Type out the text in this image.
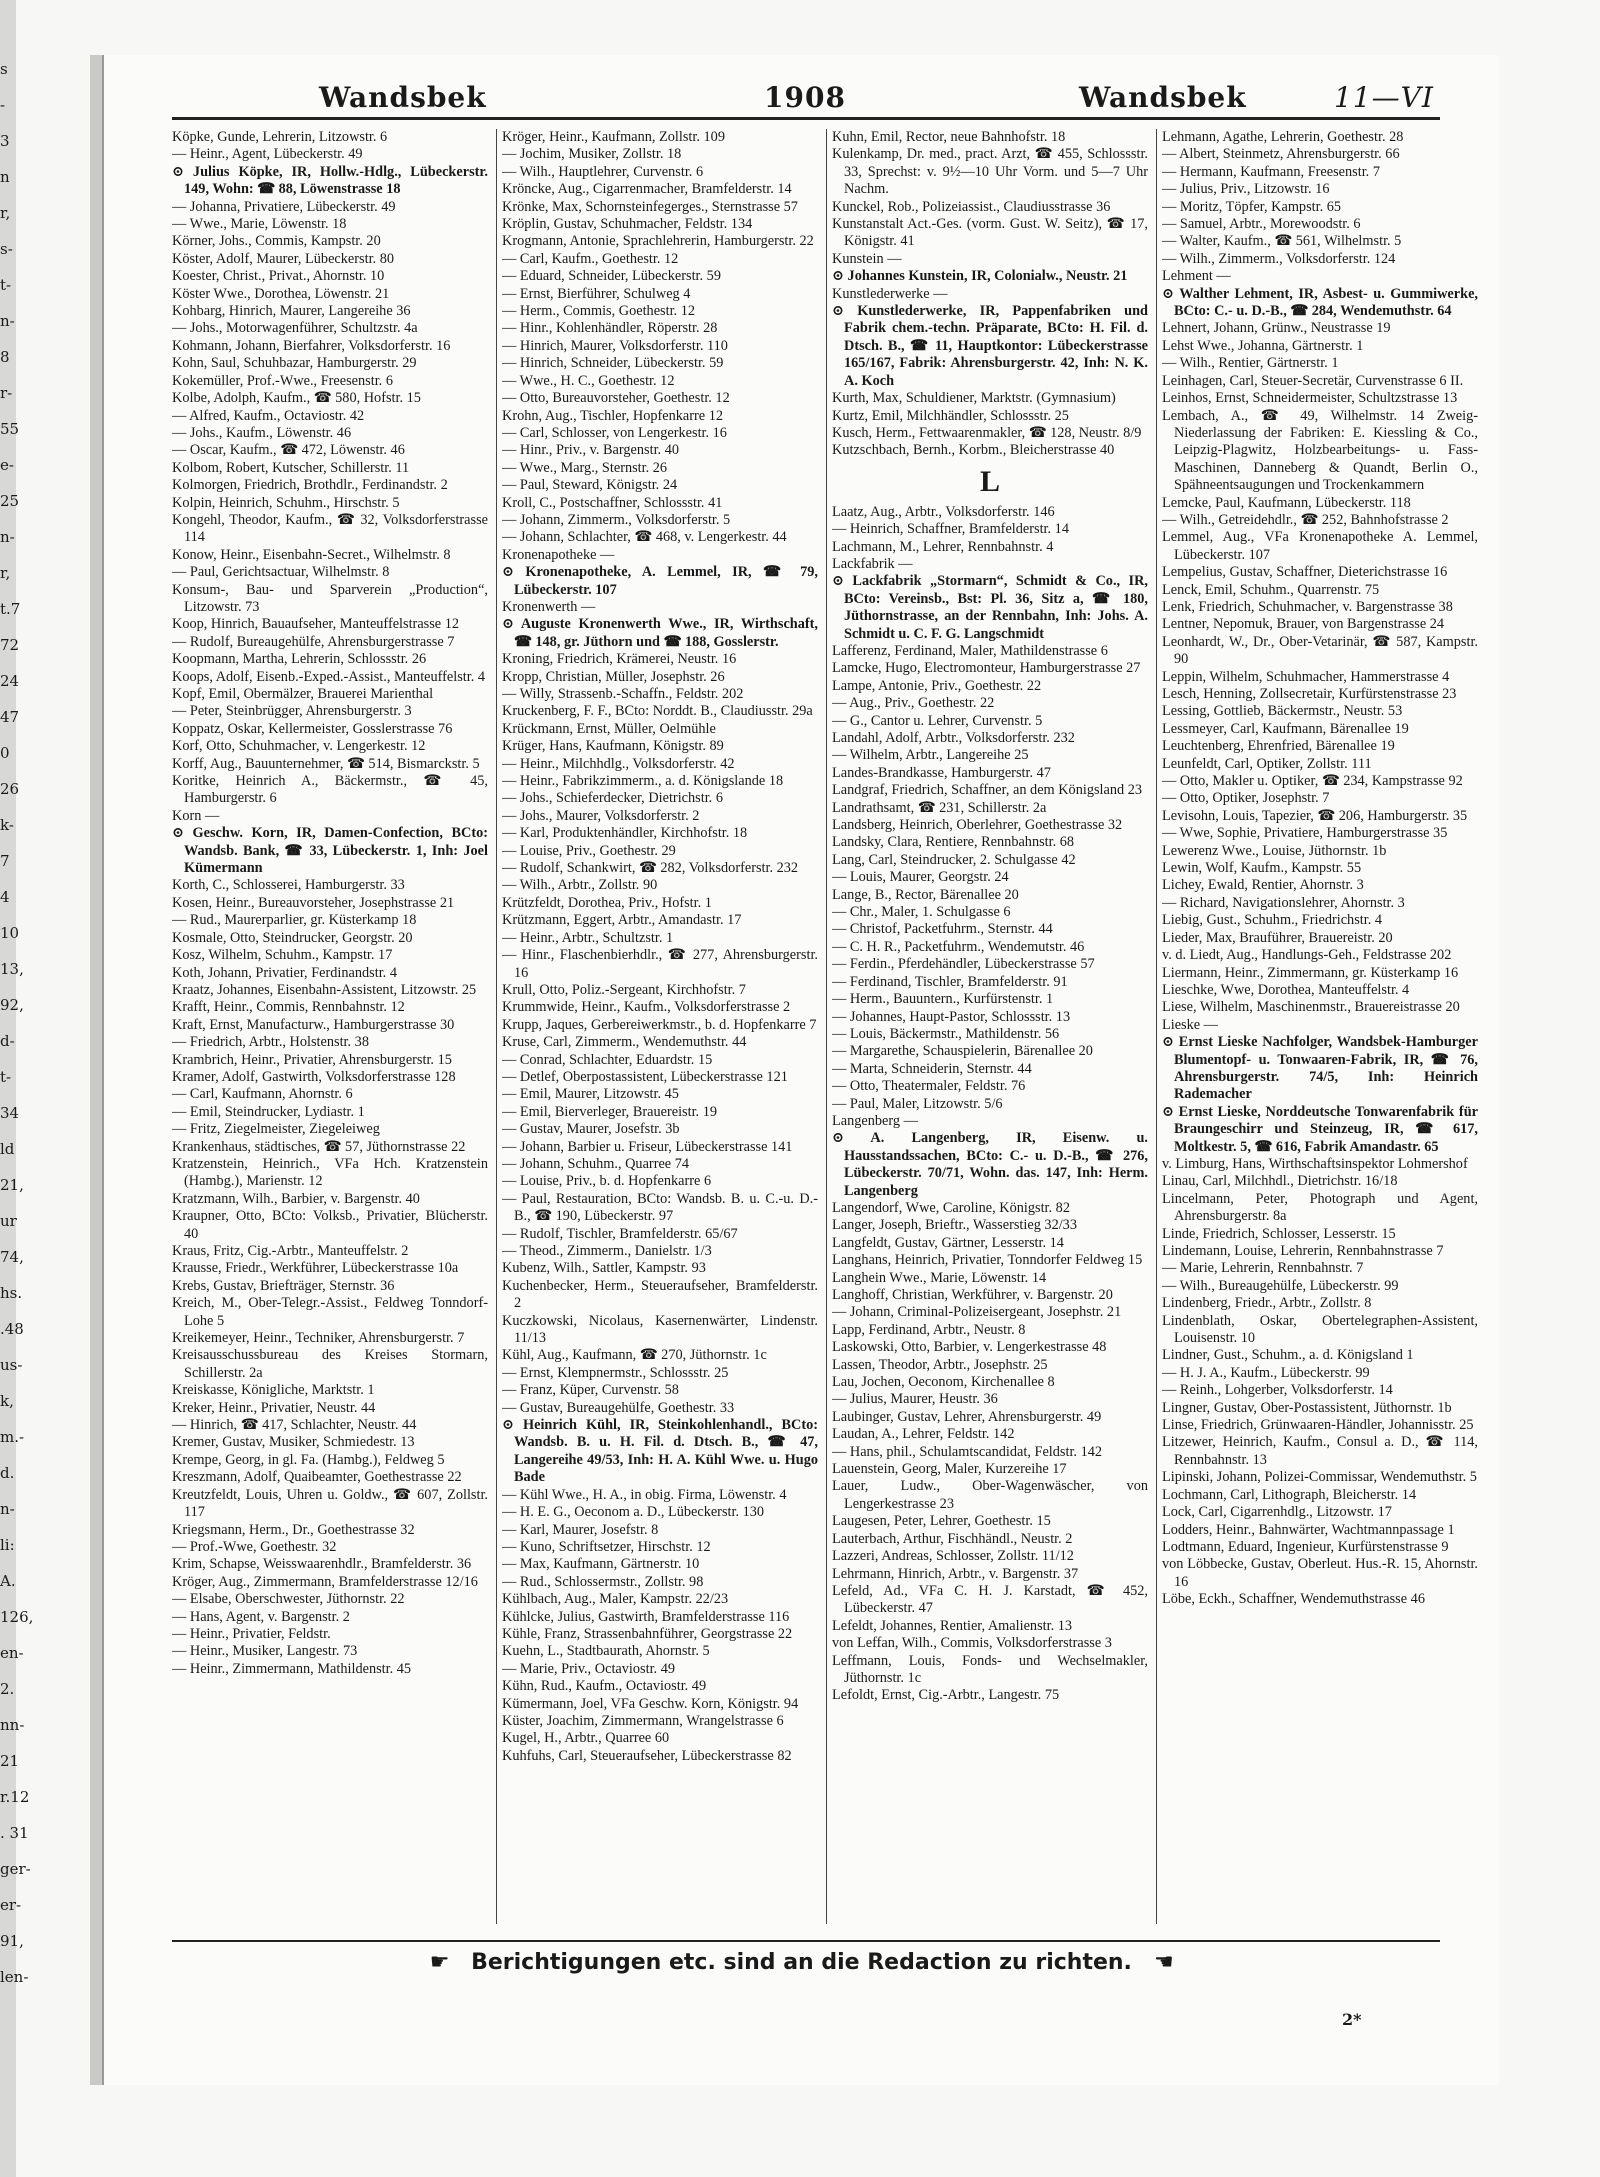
s
-
3
n
r,
s-
t-
n-
8
r-
55
e-
25
n-
r,
t.7
72
24
47
0
26
k-
7
4
10
13,
92,
d-
t-
34
ld
21,
ur
74,
hs.
.48
us-
k,
m.-
d.
n-
li:
A.
126,
en-
2.
nn-
21
r.12
. 31
ger-
er-
91,
len-
Wandsbek	1908	Wandsbek	11—VI

Köpke, Gunde, Lehrerin, Litzowstr. 6

— Heinr., Agent, Lübeckerstr. 49

⊙ Julius Köpke, IR, Hollw.-Hdlg., Lübeckerstr. 149, Wohn: ☎ 88, Löwenstrasse 18

— Johanna, Privatiere, Lübeckerstr. 49

— Wwe., Marie, Löwenstr. 18

Körner, Johs., Commis, Kampstr. 20

Köster, Adolf, Maurer, Lübeckerstr. 80

Koester, Christ., Privat., Ahornstr. 10

Köster Wwe., Dorothea, Löwenstr. 21

Kohbarg, Hinrich, Maurer, Langereihe 36

— Johs., Motorwagenführer, Schultzstr. 4a

Kohmann, Johann, Bierfahrer, Volksdorferstr. 16

Kohn, Saul, Schuhbazar, Hamburgerstr. 29

Kokemüller, Prof.-Wwe., Freesenstr. 6

Kolbe, Adolph, Kaufm., ☎ 580, Hofstr. 15

— Alfred, Kaufm., Octaviostr. 42

— Johs., Kaufm., Löwenstr. 46

— Oscar, Kaufm., ☎ 472, Löwenstr. 46

Kolbom, Robert, Kutscher, Schillerstr. 11

Kolmorgen, Friedrich, Brothdlr., Ferdinandstr. 2

Kolpin, Heinrich, Schuhm., Hirschstr. 5

Kongehl, Theodor, Kaufm., ☎ 32, Volksdorferstrasse 114

Konow, Heinr., Eisenbahn-Secret., Wilhelmstr. 8

— Paul, Gerichtsactuar, Wilhelmstr. 8

Konsum-, Bau- und Sparverein „Production“, Litzowstr. 73

Koop, Hinrich, Bauaufseher, Manteuffelstrasse 12

— Rudolf, Bureaugehülfe, Ahrensburgerstrasse 7

Koopmann, Martha, Lehrerin, Schlossstr. 26

Koops, Adolf, Eisenb.-Exped.-Assist., Manteuffelstr. 4

Kopf, Emil, Obermälzer, Brauerei Marienthal

— Peter, Steinbrügger, Ahrensburgerstr. 3

Koppatz, Oskar, Kellermeister, Gosslerstrasse 76

Korf, Otto, Schuhmacher, v. Lengerkestr. 12

Korff, Aug., Bauunternehmer, ☎ 514, Bismarckstr. 5

Koritke, Heinrich A., Bäckermstr., ☎ 45, Hamburgerstr. 6

Korn —

⊙ Geschw. Korn, IR, Damen-Confection, BCto: Wandsb. Bank, ☎ 33, Lübeckerstr. 1, Inh: Joel Kümermann

Korth, C., Schlosserei, Hamburgerstr. 33

Kosen, Heinr., Bureauvorsteher, Josephstrasse 21

— Rud., Maurerparlier, gr. Küsterkamp 18

Kosmale, Otto, Steindrucker, Georgstr. 20

Kosz, Wilhelm, Schuhm., Kampstr. 17

Koth, Johann, Privatier, Ferdinandstr. 4

Kraatz, Johannes, Eisenbahn-Assistent, Litzowstr. 25

Krafft, Heinr., Commis, Rennbahnstr. 12

Kraft, Ernst, Manufacturw., Hamburgerstrasse 30

— Friedrich, Arbtr., Holstenstr. 38

Krambrich, Heinr., Privatier, Ahrensburgerstr. 15

Kramer, Adolf, Gastwirth, Volksdorferstrasse 128

— Carl, Kaufmann, Ahornstr. 6

— Emil, Steindrucker, Lydiastr. 1

— Fritz, Ziegelmeister, Ziegeleiweg

Krankenhaus, städtisches, ☎ 57, Jüthornstrasse 22

Kratzenstein, Heinrich., VFa Hch. Kratzenstein (Hambg.), Marienstr. 12

Kratzmann, Wilh., Barbier, v. Bargenstr. 40

Kraupner, Otto, BCto: Volksb., Privatier, Blücherstr. 40

Kraus, Fritz, Cig.-Arbtr., Manteuffelstr. 2

Krausse, Friedr., Werkführer, Lübeckerstrasse 10a

Krebs, Gustav, Briefträger, Sternstr. 36

Kreich, M., Ober-Telegr.-Assist., Feldweg Tonndorf-Lohe 5

Kreikemeyer, Heinr., Techniker, Ahrensburgerstr. 7

Kreisausschussbureau des Kreises Stormarn, Schillerstr. 2a

Kreiskasse, Königliche, Marktstr. 1

Kreker, Heinr., Privatier, Neustr. 44

— Hinrich, ☎ 417, Schlachter, Neustr. 44

Kremer, Gustav, Musiker, Schmiedestr. 13

Krempe, Georg, in gl. Fa. (Hambg.), Feldweg 5

Kreszmann, Adolf, Quaibeamter, Goethestrasse 22

Kreutzfeldt, Louis, Uhren u. Goldw., ☎ 607, Zollstr. 117

Kriegsmann, Herm., Dr., Goethestrasse 32

— Prof.-Wwe, Goethestr. 32

Krim, Schapse, Weisswaarenhdlr., Bramfelderstr. 36

Kröger, Aug., Zimmermann, Bramfelderstrasse 12/16

— Elsabe, Oberschwester, Jüthornstr. 22

— Hans, Agent, v. Bargenstr. 2

— Heinr., Privatier, Feldstr.

— Heinr., Musiker, Langestr. 73

— Heinr., Zimmermann, Mathildenstr. 45

Kröger, Heinr., Kaufmann, Zollstr. 109

— Jochim, Musiker, Zollstr. 18

— Wilh., Hauptlehrer, Curvenstr. 6

Kröncke, Aug., Cigarrenmacher, Bramfelderstr. 14

Krönke, Max, Schornsteinfegerges., Sternstrasse 57

Kröplin, Gustav, Schuhmacher, Feldstr. 134

Krogmann, Antonie, Sprachlehrerin, Hamburgerstr. 22

— Carl, Kaufm., Goethestr. 12

— Eduard, Schneider, Lübeckerstr. 59

— Ernst, Bierführer, Schulweg 4

— Herm., Commis, Goethestr. 12

— Hinr., Kohlenhändler, Röperstr. 28

— Hinrich, Maurer, Volksdorferstr. 110

— Hinrich, Schneider, Lübeckerstr. 59

— Wwe., H. C., Goethestr. 12

— Otto, Bureauvorsteher, Goethestr. 12

Krohn, Aug., Tischler, Hopfenkarre 12

— Carl, Schlosser, von Lengerkestr. 16

— Hinr., Priv., v. Bargenstr. 40

— Wwe., Marg., Sternstr. 26

— Paul, Steward, Königstr. 24

Kroll, C., Postschaffner, Schlossstr. 41

— Johann, Zimmerm., Volksdorferstr. 5

— Johann, Schlachter, ☎ 468, v. Lengerkestr. 44

Kronenapotheke —

⊙ Kronenapotheke, A. Lemmel, IR, ☎ 79, Lübeckerstr. 107

Kronenwerth —

⊙ Auguste Kronenwerth Wwe., IR, Wirthschaft, ☎ 148, gr. Jüthorn und ☎ 188, Gosslerstr.

Kroning, Friedrich, Krämerei, Neustr. 16

Kropp, Christian, Müller, Josephstr. 26

— Willy, Strassenb.-Schaffn., Feldstr. 202

Kruckenberg, F. F., BCto: Norddt. B., Claudiusstr. 29a

Krückmann, Ernst, Müller, Oelmühle

Krüger, Hans, Kaufmann, Königstr. 89

— Heinr., Milchhdlg., Volksdorferstr. 42

— Heinr., Fabrikzimmerm., a. d. Königslande 18

— Johs., Schieferdecker, Dietrichstr. 6

— Johs., Maurer, Volksdorferstr. 2

— Karl, Produktenhändler, Kirchhofstr. 18

— Louise, Priv., Goethestr. 29

— Rudolf, Schankwirt, ☎ 282, Volksdorferstr. 232

— Wilh., Arbtr., Zollstr. 90

Krützfeldt, Dorothea, Priv., Hofstr. 1

Krützmann, Eggert, Arbtr., Amandastr. 17

— Heinr., Arbtr., Schultzstr. 1

— Hinr., Flaschenbierhdlr., ☎ 277, Ahrensburgerstr. 16

Krull, Otto, Poliz.-Sergeant, Kirchhofstr. 7

Krummwide, Heinr., Kaufm., Volksdorferstrasse 2

Krupp, Jaques, Gerbereiwerkmstr., b. d. Hopfenkarre 7

Kruse, Carl, Zimmerm., Wendemuthstr. 44

— Conrad, Schlachter, Eduardstr. 15

— Detlef, Oberpostassistent, Lübeckerstrasse 121

— Emil, Maurer, Litzowstr. 45

— Emil, Bierverleger, Brauereistr. 19

— Gustav, Maurer, Josefstr. 3b

— Johann, Barbier u. Friseur, Lübeckerstrasse 141

— Johann, Schuhm., Quarree 74

— Louise, Priv., b. d. Hopfenkarre 6

— Paul, Restauration, BCto: Wandsb. B. u. C.-u. D.-B., ☎ 190, Lübeckerstr. 97

— Rudolf, Tischler, Bramfelderstr. 65/67

— Theod., Zimmerm., Danielstr. 1/3

Kubenz, Wilh., Sattler, Kampstr. 93

Kuchenbecker, Herm., Steueraufseher, Bramfelderstr. 2

Kuczkowski, Nicolaus, Kasernenwärter, Lindenstr. 11/13

Kühl, Aug., Kaufmann, ☎ 270, Jüthornstr. 1c

— Ernst, Klempnermstr., Schlossstr. 25

— Franz, Küper, Curvenstr. 58

— Gustav, Bureaugehülfe, Goethestr. 33

⊙ Heinrich Kühl, IR, Steinkohlenhandl., BCto: Wandsb. B. u. H. Fil. d. Dtsch. B., ☎ 47, Langereihe 49/53, Inh: H. A. Kühl Wwe. u. Hugo Bade

— Kühl Wwe., H. A., in obig. Firma, Löwenstr. 4

— H. E. G., Oeconom a. D., Lübeckerstr. 130

— Karl, Maurer, Josefstr. 8

— Kuno, Schriftsetzer, Hirschstr. 12

— Max, Kaufmann, Gärtnerstr. 10

— Rud., Schlossermstr., Zollstr. 98

Kühlbach, Aug., Maler, Kampstr. 22/23

Kühlcke, Julius, Gastwirth, Bramfelderstrasse 116

Kühle, Franz, Strassenbahnführer, Georgstrasse 22

Kuehn, L., Stadtbaurath, Ahornstr. 5

— Marie, Priv., Octaviostr. 49

Kühn, Rud., Kaufm., Octaviostr. 49

Kümermann, Joel, VFa Geschw. Korn, Königstr. 94

Küster, Joachim, Zimmermann, Wrangelstrasse 6

Kugel, H., Arbtr., Quarree 60

Kuhfuhs, Carl, Steueraufseher, Lübeckerstrasse 82

Kuhn, Emil, Rector, neue Bahnhofstr. 18

Kulenkamp, Dr. med., pract. Arzt, ☎ 455, Schlossstr. 33, Sprechst: v. 9½—10 Uhr Vorm. und 5—7 Uhr Nachm.

Kunckel, Rob., Polizeiassist., Claudiusstrasse 36

Kunstanstalt Act.-Ges. (vorm. Gust. W. Seitz), ☎ 17, Königstr. 41

Kunstein —

⊙ Johannes Kunstein, IR, Colonialw., Neustr. 21

Kunstlederwerke —

⊙ Kunstlederwerke, IR, Pappenfabriken und Fabrik chem.-techn. Präparate, BCto: H. Fil. d. Dtsch. B., ☎ 11, Hauptkontor: Lübeckerstrasse 165/167, Fabrik: Ahrensburgerstr. 42, Inh: N. K. A. Koch

Kurth, Max, Schuldiener, Marktstr. (Gymnasium)

Kurtz, Emil, Milchhändler, Schlossstr. 25

Kusch, Herm., Fettwaarenmakler, ☎ 128, Neustr. 8/9

Kutzschbach, Bernh., Korbm., Bleicherstrasse 40

L

Laatz, Aug., Arbtr., Volksdorferstr. 146

— Heinrich, Schaffner, Bramfelderstr. 14

Lachmann, M., Lehrer, Rennbahnstr. 4

Lackfabrik —

⊙ Lackfabrik „Stormarn“, Schmidt & Co., IR, BCto: Vereinsb., Bst: Pl. 36, Sitz a, ☎ 180, Jüthornstrasse, an der Rennbahn, Inh: Johs. A. Schmidt u. C. F. G. Langschmidt

Lafferenz, Ferdinand, Maler, Mathildenstrasse 6

Lamcke, Hugo, Electromonteur, Hamburgerstrasse 27

Lampe, Antonie, Priv., Goethestr. 22

— Aug., Priv., Goethestr. 22

— G., Cantor u. Lehrer, Curvenstr. 5

Landahl, Adolf, Arbtr., Volksdorferstr. 232

— Wilhelm, Arbtr., Langereihe 25

Landes-Brandkasse, Hamburgerstr. 47

Landgraf, Friedrich, Schaffner, an dem Königsland 23

Landrathsamt, ☎ 231, Schillerstr. 2a

Landsberg, Heinrich, Oberlehrer, Goethestrasse 32

Landsky, Clara, Rentiere, Rennbahnstr. 68

Lang, Carl, Steindrucker, 2. Schulgasse 42

— Louis, Maurer, Georgstr. 24

Lange, B., Rector, Bärenallee 20

— Chr., Maler, 1. Schulgasse 6

— Christof, Packetfuhrm., Sternstr. 44

— C. H. R., Packetfuhrm., Wendemutstr. 46

— Ferdin., Pferdehändler, Lübeckerstrasse 57

— Ferdinand, Tischler, Bramfelderstr. 91

— Herm., Bauuntern., Kurfürstenstr. 1

— Johannes, Haupt-Pastor, Schlossstr. 13

— Louis, Bäckermstr., Mathildenstr. 56

— Margarethe, Schauspielerin, Bärenallee 20

— Marta, Schneiderin, Sternstr. 44

— Otto, Theatermaler, Feldstr. 76

— Paul, Maler, Litzowstr. 5/6

Langenberg —

⊙ A. Langenberg, IR, Eisenw. u. Hausstandssachen, BCto: C.- u. D.-B., ☎ 276, Lübeckerstr. 70/71, Wohn. das. 147, Inh: Herm. Langenberg

Langendorf, Wwe, Caroline, Königstr. 82

Langer, Joseph, Brieftr., Wasserstieg 32/33

Langfeldt, Gustav, Gärtner, Lesserstr. 14

Langhans, Heinrich, Privatier, Tonndorfer Feldweg 15

Langhein Wwe., Marie, Löwenstr. 14

Langhoff, Christian, Werkführer, v. Bargenstr. 20

— Johann, Criminal-Polizeisergeant, Josephstr. 21

Lapp, Ferdinand, Arbtr., Neustr. 8

Laskowski, Otto, Barbier, v. Lengerkestrasse 48

Lassen, Theodor, Arbtr., Josephstr. 25

Lau, Jochen, Oeconom, Kirchenallee 8

— Julius, Maurer, Heustr. 36

Laubinger, Gustav, Lehrer, Ahrensburgerstr. 49

Laudan, A., Lehrer, Feldstr. 142

— Hans, phil., Schulamtscandidat, Feldstr. 142

Lauenstein, Georg, Maler, Kurzereihe 17

Lauer, Ludw., Ober-Wagenwäscher, von Lengerkestrasse 23

Laugesen, Peter, Lehrer, Goethestr. 15

Lauterbach, Arthur, Fischhändl., Neustr. 2

Lazzeri, Andreas, Schlosser, Zollstr. 11/12

Lehrmann, Hinrich, Arbtr., v. Bargenstr. 37

Lefeld, Ad., VFa C. H. J. Karstadt, ☎ 452, Lübeckerstr. 47

Lefeldt, Johannes, Rentier, Amalienstr. 13

von Leffan, Wilh., Commis, Volksdorferstrasse 3

Leffmann, Louis, Fonds- und Wechselmakler, Jüthornstr. 1c

Lefoldt, Ernst, Cig.-Arbtr., Langestr. 75

Lehmann, Agathe, Lehrerin, Goethestr. 28

— Albert, Steinmetz, Ahrensburgerstr. 66

— Hermann, Kaufmann, Freesenstr. 7

— Julius, Priv., Litzowstr. 16

— Moritz, Töpfer, Kampstr. 65

— Samuel, Arbtr., Morewoodstr. 6

— Walter, Kaufm., ☎ 561, Wilhelmstr. 5

— Wilh., Zimmerm., Volksdorferstr. 124

Lehment —

⊙ Walther Lehment, IR, Asbest- u. Gummiwerke, BCto: C.- u. D.-B., ☎ 284, Wendemuthstr. 64

Lehnert, Johann, Grünw., Neustrasse 19

Lehst Wwe., Johanna, Gärtnerstr. 1

— Wilh., Rentier, Gärtnerstr. 1

Leinhagen, Carl, Steuer-Secretär, Curvenstrasse 6 II.

Leinhos, Ernst, Schneidermeister, Schultzstrasse 13

Lembach, A., ☎ 49, Wilhelmstr. 14 Zweig-Niederlassung der Fabriken: E. Kiessling & Co., Leipzig-Plagwitz, Holzbearbeitungs- u. Fass-Maschinen, Danneberg & Quandt, Berlin O., Spähneentsaugungen und Trockenkammern

Lemcke, Paul, Kaufmann, Lübeckerstr. 118

— Wilh., Getreidehdlr., ☎ 252, Bahnhofstrasse 2

Lemmel, Aug., VFa Kronenapotheke A. Lemmel, Lübeckerstr. 107

Lempelius, Gustav, Schaffner, Dieterichstrasse 16

Lenck, Emil, Schuhm., Quarrenstr. 75

Lenk, Friedrich, Schuhmacher, v. Bargenstrasse 38

Lentner, Nepomuk, Brauer, von Bargenstrasse 24

Leonhardt, W., Dr., Ober-Vetarinär, ☎ 587, Kampstr. 90

Leppin, Wilhelm, Schuhmacher, Hammerstrasse 4

Lesch, Henning, Zollsecretair, Kurfürstenstrasse 23

Lessing, Gottlieb, Bäckermstr., Neustr. 53

Lessmeyer, Carl, Kaufmann, Bärenallee 19

Leuchtenberg, Ehrenfried, Bärenallee 19

Leunfeldt, Carl, Optiker, Zollstr. 111

— Otto, Makler u. Optiker, ☎ 234, Kampstrasse 92

— Otto, Optiker, Josephstr. 7

Levisohn, Louis, Tapezier, ☎ 206, Hamburgerstr. 35

— Wwe, Sophie, Privatiere, Hamburgerstrasse 35

Lewerenz Wwe., Louise, Jüthornstr. 1b

Lewin, Wolf, Kaufm., Kampstr. 55

Lichey, Ewald, Rentier, Ahornstr. 3

— Richard, Navigationslehrer, Ahornstr. 3

Liebig, Gust., Schuhm., Friedrichstr. 4

Lieder, Max, Brauführer, Brauereistr. 20

v. d. Liedt, Aug., Handlungs-Geh., Feldstrasse 202

Liermann, Heinr., Zimmermann, gr. Küsterkamp 16

Lieschke, Wwe, Dorothea, Manteuffelstr. 4

Liese, Wilhelm, Maschinenmstr., Brauereistrasse 20

Lieske —

⊙ Ernst Lieske Nachfolger, Wandsbek-Hamburger Blumentopf- u. Tonwaaren-Fabrik, IR, ☎ 76, Ahrensburgerstr. 74/5, Inh: Heinrich Rademacher

⊙ Ernst Lieske, Norddeutsche Tonwarenfabrik für Braungeschirr und Steinzeug, IR, ☎ 617, Moltkestr. 5, ☎ 616, Fabrik Amandastr. 65

v. Limburg, Hans, Wirthschaftsinspektor Lohmershof

Linau, Carl, Milchhdl., Dietrichstr. 16/18

Lincelmann, Peter, Photograph und Agent, Ahrensburgerstr. 8a

Linde, Friedrich, Schlosser, Lesserstr. 15

Lindemann, Louise, Lehrerin, Rennbahnstrasse 7

— Marie, Lehrerin, Rennbahnstr. 7

— Wilh., Bureaugehülfe, Lübeckerstr. 99

Lindenberg, Friedr., Arbtr., Zollstr. 8

Lindenblath, Oskar, Obertelegraphen-Assistent, Louisenstr. 10

Lindner, Gust., Schuhm., a. d. Königsland 1

— H. J. A., Kaufm., Lübeckerstr. 99

— Reinh., Lohgerber, Volksdorferstr. 14

Lingner, Gustav, Ober-Postassistent, Jüthornstr. 1b

Linse, Friedrich, Grünwaaren-Händler, Johannisstr. 25

Litzewer, Heinrich, Kaufm., Consul a. D., ☎ 114, Rennbahnstr. 13

Lipinski, Johann, Polizei-Commissar, Wendemuthstr. 5

Lochmann, Carl, Lithograph, Bleicherstr. 14

Lock, Carl, Cigarrenhdlg., Litzowstr. 17

Lodders, Heinr., Bahnwärter, Wachtmannpassage 1

Lodtmann, Eduard, Ingenieur, Kurfürstenstrasse 9

von Löbbecke, Gustav, Oberleut. Hus.-R. 15, Ahornstr. 16

Löbe, Eckh., Schaffner, Wendemuthstrasse 46

☛ Berichtigungen etc. sind an die Redaction zu richten. ☛
2*
